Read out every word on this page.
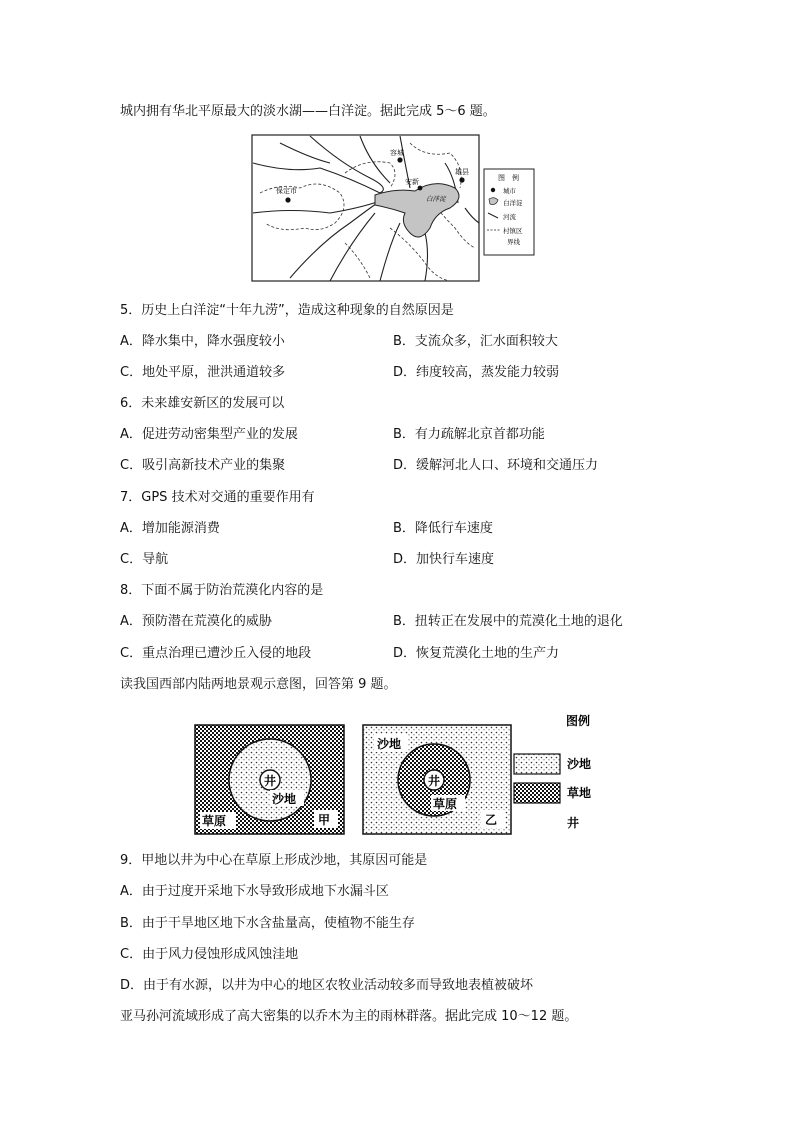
城内拥有华北平原最大的淡水湖——白洋淀。据此完成 5～6 题。
保定市
容城
雄县
安新
白洋淀
图　例
城市
白洋淀
河流
村镇区
界线
5．历史上白洋淀“十年九涝”，造成这种现象的自然原因是
A．降水集中，降水强度较小	B．支流众多，汇水面积较大
C．地处平原，泄洪通道较多	D．纬度较高，蒸发能力较弱
6．未来雄安新区的发展可以
A．促进劳动密集型产业的发展	B．有力疏解北京首都功能
C．吸引高新技术产业的集聚	D．缓解河北人口、环境和交通压力
7．GPS 技术对交通的重要作用有
A．增加能源消费	B．降低行车速度
C．导航	D．加快行车速度
8．下面不属于防治荒漠化内容的是
A．预防潜在荒漠化的威胁	B．扭转正在发展中的荒漠化土地的退化
C．重点治理已遭沙丘入侵的地段	D．恢复荒漠化土地的生产力
读我国西部内陆两地景观示意图，回答第 9 题。
井
沙地
草原	甲
井
草原
沙地
乙
图例
沙地
草地
井
9．甲地以井为中心在草原上形成沙地，其原因可能是
A．由于过度开采地下水导致形成地下水漏斗区
B．由于干旱地区地下水含盐量高，使植物不能生存
C．由于风力侵蚀形成风蚀洼地
D．由于有水源，以井为中心的地区农牧业活动较多而导致地表植被破坏
亚马孙河流域形成了高大密集的以乔木为主的雨林群落。据此完成 10～12 题。
